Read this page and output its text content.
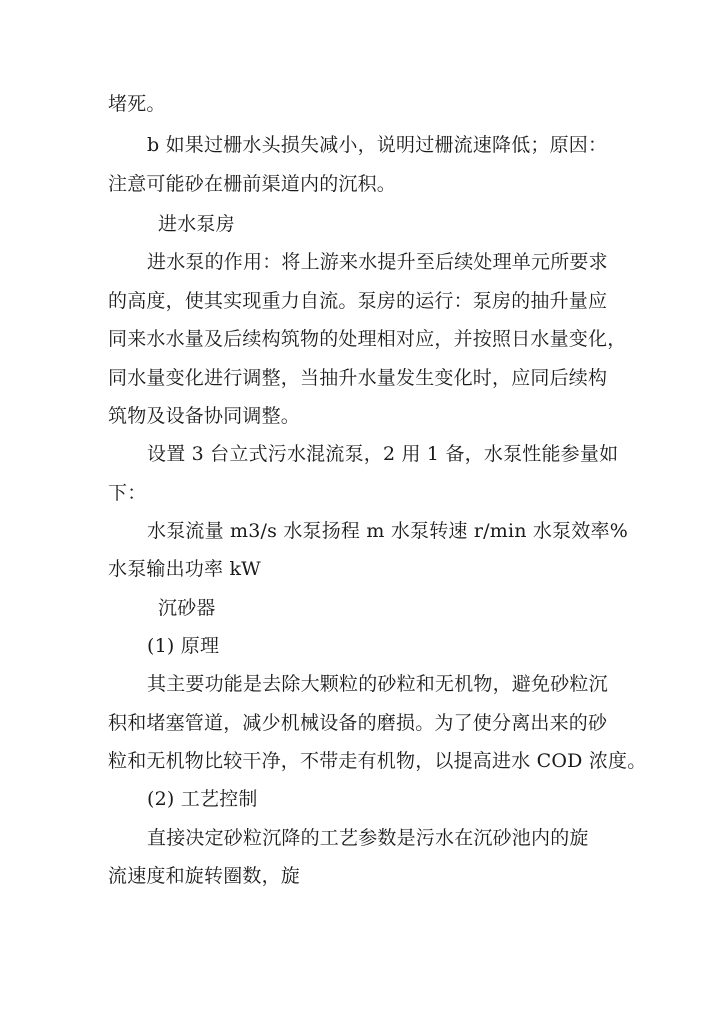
堵死。
b 如果过栅水头损失减小，说明过栅流速降低；原因：
注意可能砂在栅前渠道内的沉积。
进水泵房
进水泵的作用：将上游来水提升至后续处理单元所要求
的高度，使其实现重力自流。泵房的运行：泵房的抽升量应
同来水水量及后续构筑物的处理相对应，并按照日水量变化，
同水量变化进行调整，当抽升水量发生变化时，应同后续构
筑物及设备协同调整。
设置 3 台立式污水混流泵，2 用 1 备，水泵性能参量如
下：
水泵流量 m3/s 水泵扬程 m 水泵转速 r/min 水泵效率%
水泵输出功率 kW
沉砂器
(1) 原理
其主要功能是去除大颗粒的砂粒和无机物，避免砂粒沉
积和堵塞管道，减少机械设备的磨损。为了使分离出来的砂
粒和无机物比较干净，不带走有机物，以提高进水 COD 浓度。
(2) 工艺控制
直接决定砂粒沉降的工艺参数是污水在沉砂池内的旋
流速度和旋转圈数，旋
